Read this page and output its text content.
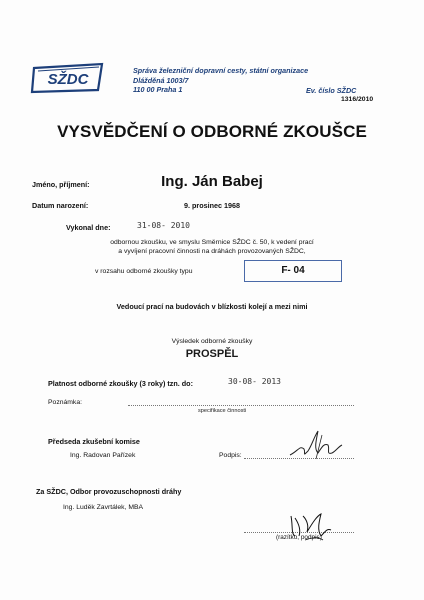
SŽDC
Správa železniční dopravní cesty, státní organizace
Dlážděná 1003/7
110 00 Praha 1	Ev. číslo SŽDC
1316/2010
VYSVĚDČENÍ O ODBORNÉ ZKOUŠCE
Jméno, příjmení:	Ing. Ján Babej
Datum narození:	9. prosinec 1968
Vykonal dne:	31-08- 2010
odbornou zkoušku, ve smyslu Směrnice SŽDC č. 50, k vedení prací
a vyvíjení pracovní činnosti na dráhách provozovaných SŽDC,
v rozsahu odborné zkoušky typu	F- 04
Vedoucí prací na budovách v blízkosti kolejí a mezi nimi
Výsledek odborné zkoušky
PROSPĚL
Platnost odborné zkoušky (3 roky) tzn. do:	30-08- 2013
Poznámka:
specifikace činnosti
Předseda zkušební komise
Ing. Radovan Pařízek	Podpis:
Za SŽDC, Odbor provozuschopnosti dráhy
Ing. Luděk Zavrtálek, MBA
(razítko, podpis)
